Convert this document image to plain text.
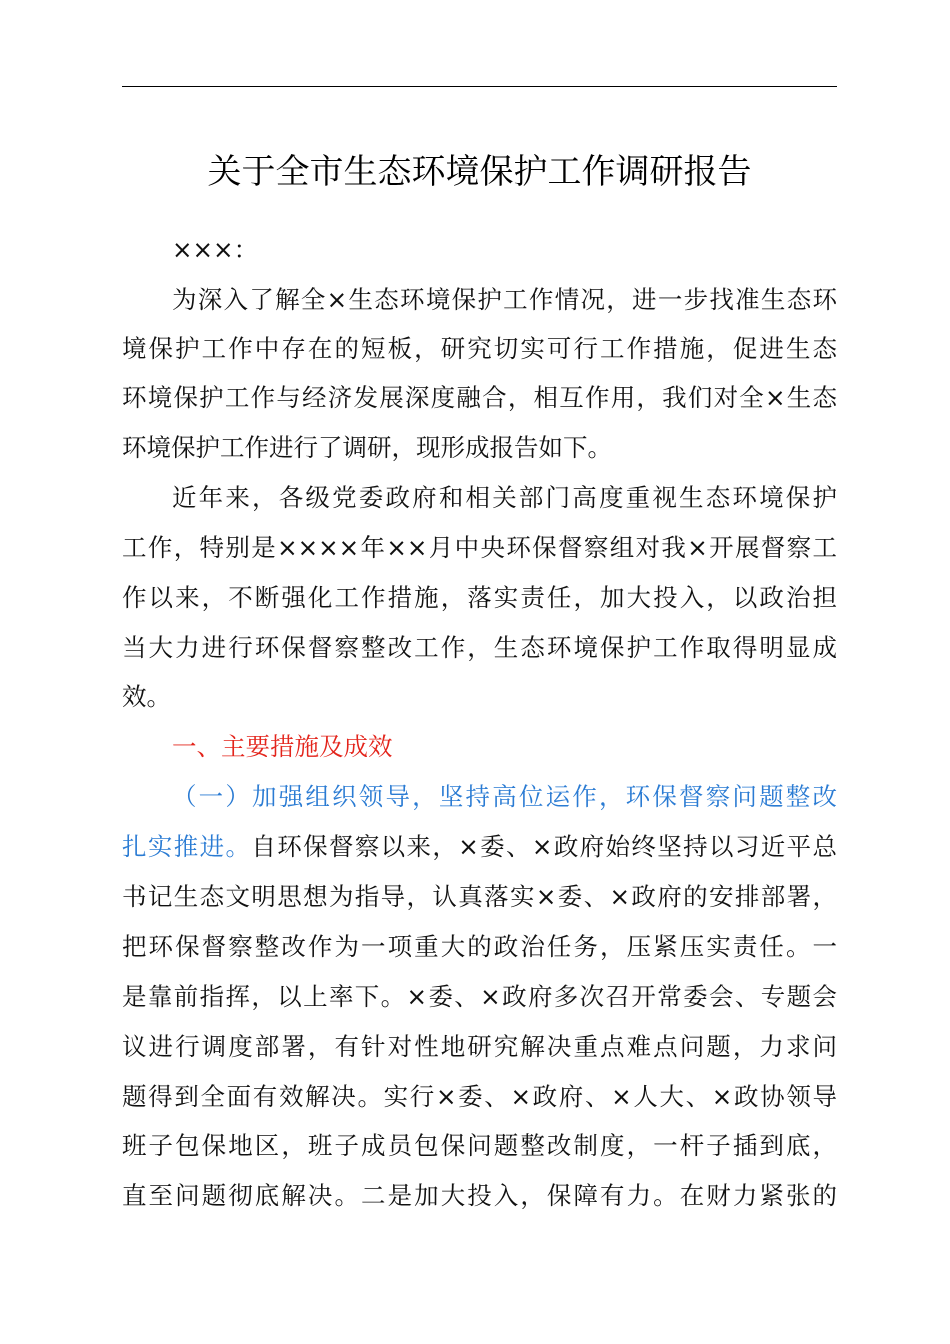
关于全市生态环境保护工作调研报告
×××：
为深入了解全×生态环境保护工作情况，进一步找准生态环
境保护工作中存在的短板，研究切实可行工作措施，促进生态
环境保护工作与经济发展深度融合，相互作用，我们对全×生态
环境保护工作进行了调研，现形成报告如下。
近年来，各级党委政府和相关部门高度重视生态环境保护
工作，特别是××××年××月中央环保督察组对我×开展督察工
作以来，不断强化工作措施，落实责任，加大投入，以政治担
当大力进行环保督察整改工作，生态环境保护工作取得明显成
效。
一、主要措施及成效
（一）加强组织领导，坚持高位运作，环保督察问题整改
扎实推进。自环保督察以来，×委、×政府始终坚持以习近平总
书记生态文明思想为指导，认真落实×委、×政府的安排部署，
把环保督察整改作为一项重大的政治任务，压紧压实责任。一
是靠前指挥，以上率下。×委、×政府多次召开常委会、专题会
议进行调度部署，有针对性地研究解决重点难点问题，力求问
题得到全面有效解决。实行×委、×政府、×人大、×政协领导
班子包保地区，班子成员包保问题整改制度，一杆子插到底，
直至问题彻底解决。二是加大投入，保障有力。在财力紧张的
